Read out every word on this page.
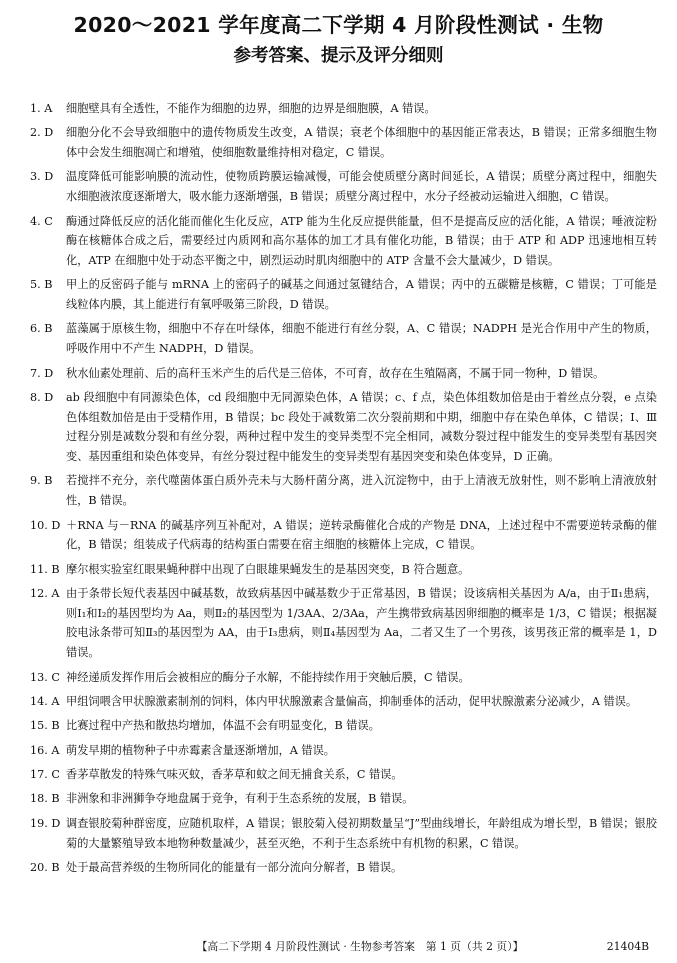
2020～2021 学年度高二下学期 4 月阶段性测试 · 生物
参考答案、提示及评分细则
1. A	细胞壁具有全透性，不能作为细胞的边界，细胞的边界是细胞膜，A 错误。
2. D	细胞分化不会导致细胞中的遗传物质发生改变，A 错误；衰老个体细胞中的基因能正常表达，B 错误；正常多细胞生物体中会发生细胞凋亡和增殖，使细胞数量维持相对稳定，C 错误。
3. D	温度降低可能影响膜的流动性，使物质跨膜运输减慢，可能会使质壁分离时间延长，A 错误；质壁分离过程中，细胞失水细胞液浓度逐渐增大，吸水能力逐渐增强，B 错误；质壁分离过程中，水分子经被动运输进入细胞，C 错误。
4. C	酶通过降低反应的活化能而催化生化反应，ATP 能为生化反应提供能量，但不是提高反应的活化能，A 错误；唾液淀粉酶在核糖体合成之后，需要经过内质网和高尔基体的加工才具有催化功能，B 错误；由于 ATP 和 ADP 迅速地相互转化，ATP 在细胞中处于动态平衡之中，剧烈运动时肌肉细胞中的 ATP 含量不会大量减少，D 错误。
5. B	甲上的反密码子能与 mRNA 上的密码子的碱基之间通过氢键结合，A 错误；丙中的五碳糖是核糖，C 错误；丁可能是线粒体内膜，其上能进行有氧呼吸第三阶段，D 错误。
6. B	蓝藻属于原核生物，细胞中不存在叶绿体，细胞不能进行有丝分裂，A、C 错误；NADPH 是光合作用中产生的物质，呼吸作用中不产生 NADPH，D 错误。
7. D	秋水仙素处理前、后的高秆玉米产生的后代是三倍体，不可育，故存在生殖隔离，不属于同一物种，D 错误。
8. D	ab 段细胞中有同源染色体，cd 段细胞中无同源染色体，A 错误；c、f 点，染色体组数加倍是由于着丝点分裂，e 点染色体组数加倍是由于受精作用，B 错误；bc 段处于减数第二次分裂前期和中期，细胞中存在染色单体，C 错误；Ⅰ、Ⅲ过程分别是减数分裂和有丝分裂，两种过程中发生的变异类型不完全相同，减数分裂过程中能发生的变异类型有基因突变、基因重组和染色体变异，有丝分裂过程中能发生的变异类型有基因突变和染色体变异，D 正确。
9. B	若搅拌不充分，亲代噬菌体蛋白质外壳未与大肠杆菌分离，进入沉淀物中，由于上清液无放射性，则不影响上清液放射性，B 错误。
10. D ＋RNA 与－RNA 的碱基序列互补配对，A 错误；逆转录酶催化合成的产物是 DNA，上述过程中不需要逆转录酶的催化，B 错误；组装成子代病毒的结构蛋白需要在宿主细胞的核糖体上完成，C 错误。
11. B 摩尔根实验室红眼果蝇种群中出现了白眼雄果蝇发生的是基因突变，B 符合题意。
12. A 由于条带长短代表基因中碱基数，故致病基因中碱基数少于正常基因，B 错误；设该病相关基因为 A/a，由于Ⅱ₁患病，则Ⅰ₁和Ⅰ₂的基因型均为 Aa，则Ⅱ₂的基因型为 1/3AA、2/3Aa，产生携带致病基因卵细胞的概率是 1/3，C 错误；根据凝胶电泳条带可知Ⅱ₃的基因型为 AA，由于Ⅰ₃患病，则Ⅱ₄基因型为 Aa，二者又生了一个男孩，该男孩正常的概率是 1，D 错误。
13. C 神经递质发挥作用后会被相应的酶分子水解，不能持续作用于突触后膜，C 错误。
14. A 甲组饲喂含甲状腺激素制剂的饲料，体内甲状腺激素含量偏高，抑制垂体的活动，促甲状腺激素分泌减少，A 错误。
15. B 比赛过程中产热和散热均增加，体温不会有明显变化，B 错误。
16. A 萌发早期的植物种子中赤霉素含量逐渐增加，A 错误。
17. C 香茅草散发的特殊气味灭蚊，香茅草和蚊之间无捕食关系，C 错误。
18. B 非洲象和非洲狮争夺地盘属于竞争，有利于生态系统的发展，B 错误。
19. D 调查银胶菊种群密度，应随机取样，A 错误；银胶菊入侵初期数量呈“J”型曲线增长，年龄组成为增长型，B 错误；银胶菊的大量繁殖导致本地物种数量减少，甚至灭绝，不利于生态系统中有机物的积累，C 错误。
20. B 处于最高营养级的生物所同化的能量有一部分流向分解者，B 错误。
【高二下学期 4 月阶段性测试 · 生物参考答案　第 1 页（共 2 页）】	21404B
